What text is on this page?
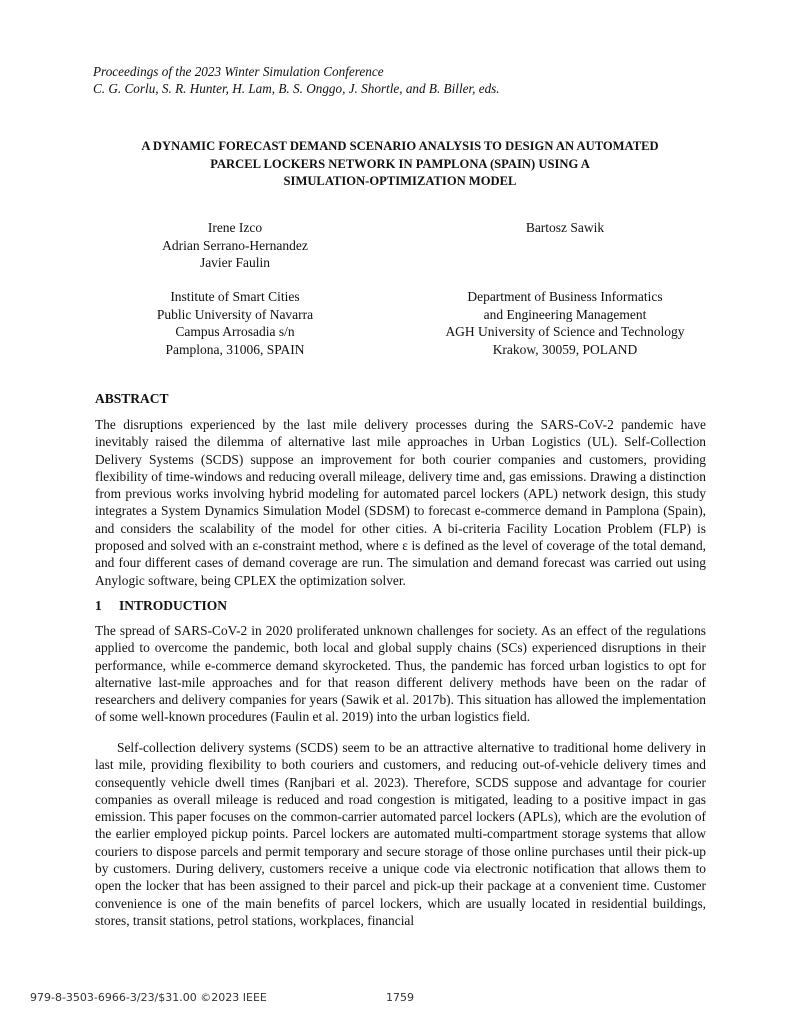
Proceedings of the 2023 Winter Simulation Conference
C. G. Corlu, S. R. Hunter, H. Lam, B. S. Onggo, J. Shortle, and B. Biller, eds.
A DYNAMIC FORECAST DEMAND SCENARIO ANALYSIS TO DESIGN AN AUTOMATED
PARCEL LOCKERS NETWORK IN PAMPLONA (SPAIN) USING A
SIMULATION-OPTIMIZATION MODEL
Irene Izco
Adrian Serrano-Hernandez
Javier Faulin
Bartosz Sawik
Institute of Smart Cities
Public University of Navarra
Campus Arrosadia s/n
Pamplona, 31006, SPAIN
Department of Business Informatics
and Engineering Management
AGH University of Science and Technology
Krakow, 30059, POLAND
ABSTRACT

The disruptions experienced by the last mile delivery processes during the SARS-CoV-2 pandemic have inevitably raised the dilemma of alternative last mile approaches in Urban Logistics (UL). Self-Collection Delivery Systems (SCDS) suppose an improvement for both courier companies and customers, providing flexibility of time-windows and reducing overall mileage, delivery time and, gas emissions. Drawing a distinction from previous works involving hybrid modeling for automated parcel lockers (APL) network design, this study integrates a System Dynamics Simulation Model (SDSM) to forecast e-commerce demand in Pamplona (Spain), and considers the scalability of the model for other cities. A bi-criteria Facility Location Problem (FLP) is proposed and solved with an ε-constraint method, where ε is defined as the level of coverage of the total demand, and four different cases of demand coverage are run. The simulation and demand forecast was carried out using Anylogic software, being CPLEX the optimization solver.

1 INTRODUCTION

The spread of SARS-CoV-2 in 2020 proliferated unknown challenges for society. As an effect of the regulations applied to overcome the pandemic, both local and global supply chains (SCs) experienced disruptions in their performance, while e-commerce demand skyrocketed. Thus, the pandemic has forced urban logistics to opt for alternative last-mile approaches and for that reason different delivery methods have been on the radar of researchers and delivery companies for years (Sawik et al. 2017b). This situation has allowed the implementation of some well-known procedures (Faulin et al. 2019) into the urban logistics field.

Self-collection delivery systems (SCDS) seem to be an attractive alternative to traditional home delivery in last mile, providing flexibility to both couriers and customers, and reducing out-of-vehicle delivery times and consequently vehicle dwell times (Ranjbari et al. 2023). Therefore, SCDS suppose and advantage for courier companies as overall mileage is reduced and road congestion is mitigated, leading to a positive impact in gas emission. This paper focuses on the common-carrier automated parcel lockers (APLs), which are the evolution of the earlier employed pickup points. Parcel lockers are automated multi-compartment storage systems that allow couriers to dispose parcels and permit temporary and secure storage of those online purchases until their pick-up by customers. During delivery, customers receive a unique code via electronic notification that allows them to open the locker that has been assigned to their parcel and pick-up their package at a convenient time. Customer convenience is one of the main benefits of parcel lockers, which are usually located in residential buildings, stores, transit stations, petrol stations, workplaces, financial

979-8-3503-6966-3/23/$31.00 ©2023 IEEE	1759
